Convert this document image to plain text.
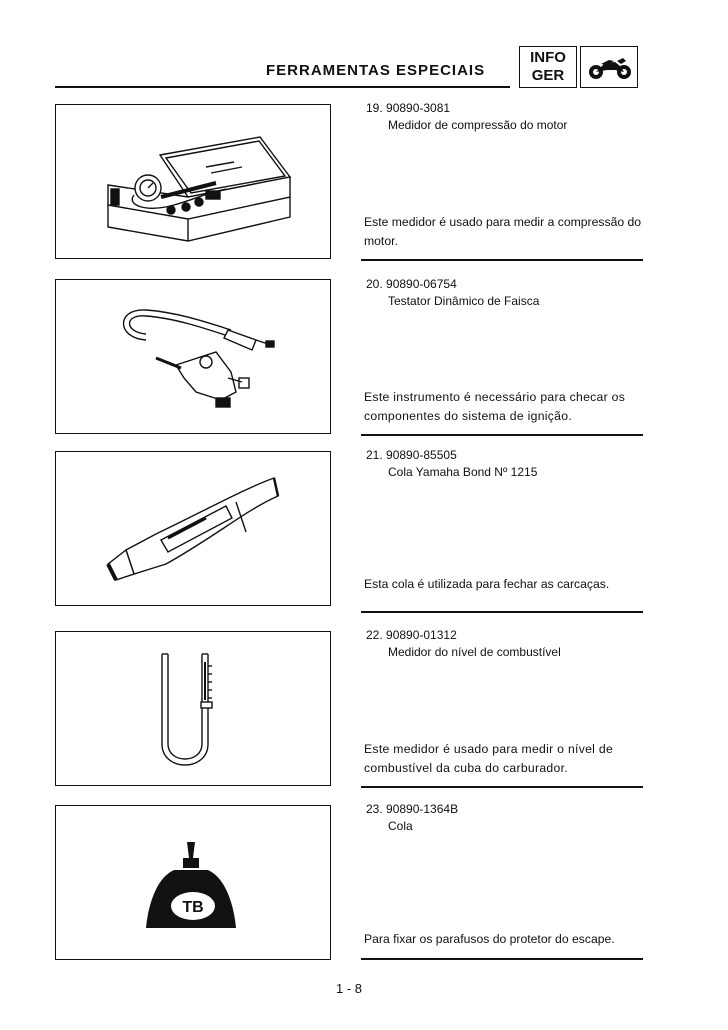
FERRAMENTAS ESPECIAIS
INFO
GER
19. 90890-3081
Medidor de compressão do motor
Este medidor é usado para medir a compressão do motor.
20. 90890-06754
Testator Dinâmico de Faisca
Este instrumento é necessário para checar os componentes do sistema de ignição.
21. 90890-85505
Cola Yamaha Bond Nº 1215
Esta cola é utilizada para fechar as carcaças.
22. 90890-01312
Medidor do nível de combustível
Este medidor é usado para medir o nível de combustível da cuba do carburador.
TB
23. 90890-1364B
Cola
Para fixar os parafusos do protetor do escape.
1 - 8
